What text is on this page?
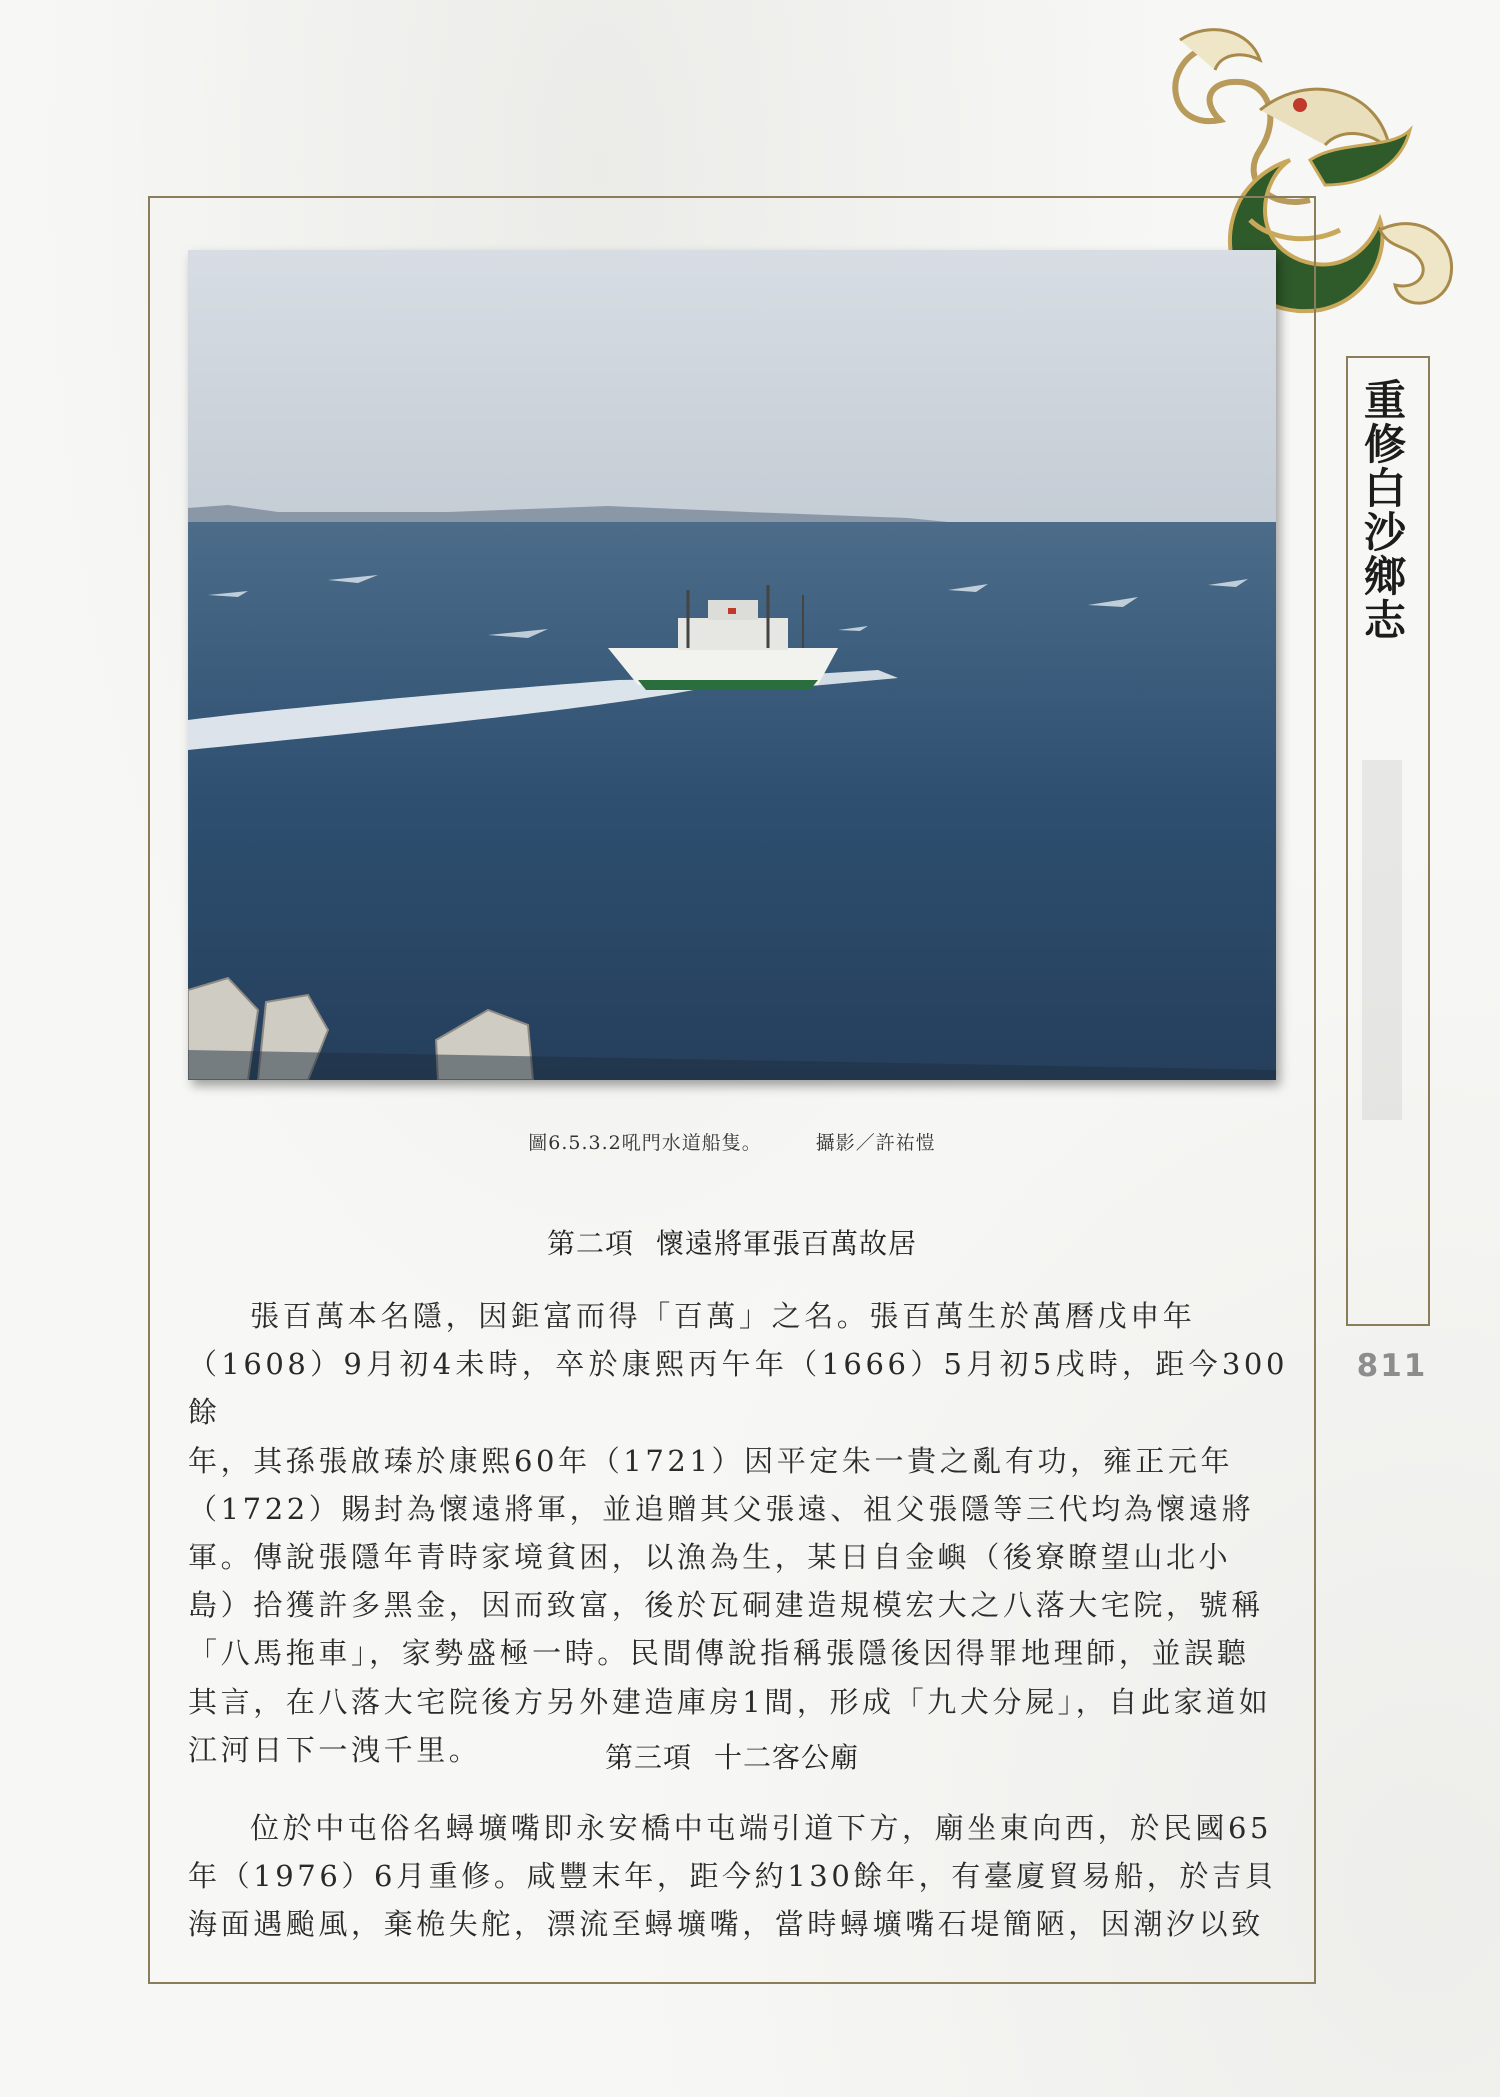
圖6.5.3.2吼門水道船隻。	攝影／許祐愷
第二項 懷遠將軍張百萬故居
張百萬本名隱，因鉅富而得「百萬」之名。張百萬生於萬曆戊申年
（1608）9月初4未時，卒於康熙丙午年（1666）5月初5戌時，距今300餘
年，其孫張啟瑧於康熙60年（1721）因平定朱一貴之亂有功，雍正元年
（1722）賜封為懷遠將軍，並追贈其父張遠、祖父張隱等三代均為懷遠將
軍。傳說張隱年青時家境貧困，以漁為生，某日自金嶼（後寮瞭望山北小
島）拾獲許多黑金，因而致富，後於瓦硐建造規模宏大之八落大宅院，號稱
「八馬拖車」，家勢盛極一時。民間傳說指稱張隱後因得罪地理師，並誤聽
其言，在八落大宅院後方另外建造庫房1間，形成「九犬分屍」，自此家道如
江河日下一洩千里。	第三項 十二客公廟
位於中屯俗名蟳壙嘴即永安橋中屯端引道下方，廟坐東向西，於民國65
年（1976）6月重修。咸豐末年，距今約130餘年，有臺廈貿易船，於吉貝
海面遇颱風，棄桅失舵，漂流至蟳壙嘴，當時蟳壙嘴石堤簡陋，因潮汐以致
重修白沙鄉志
811
